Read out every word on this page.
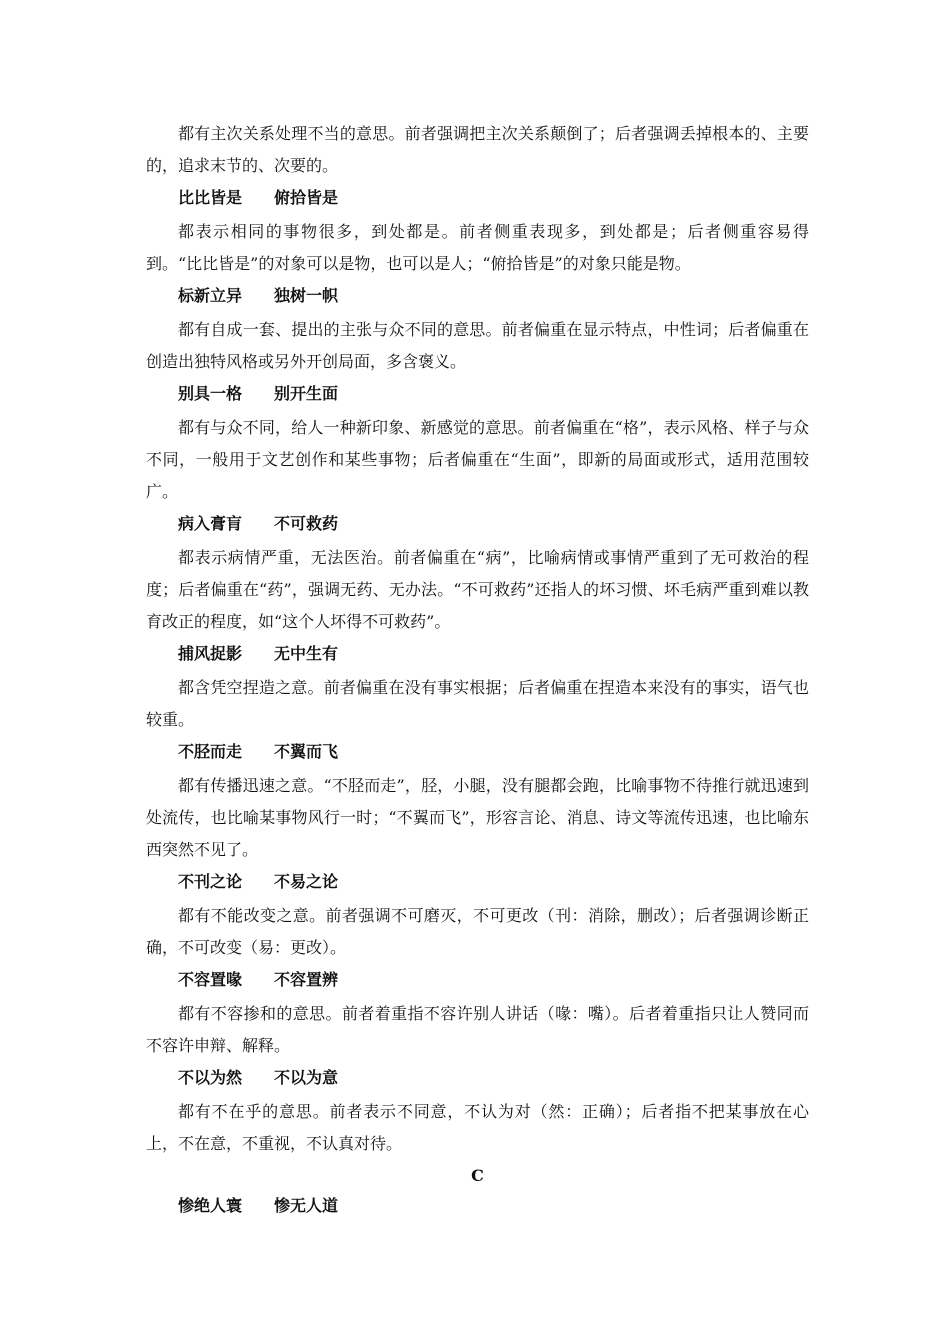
都有主次关系处理不当的意思。前者强调把主次关系颠倒了；后者强调丢掉根本的、主要的，追求末节的、次要的。

比比皆是 俯拾皆是

都表示相同的事物很多，到处都是。前者侧重表现多，到处都是；后者侧重容易得到。“比比皆是”的对象可以是物，也可以是人；“俯拾皆是”的对象只能是物。

标新立异 独树一帜

都有自成一套、提出的主张与众不同的意思。前者偏重在显示特点，中性词；后者偏重在创造出独特风格或另外开创局面，多含褒义。

别具一格 别开生面

都有与众不同，给人一种新印象、新感觉的意思。前者偏重在“格”，表示风格、样子与众不同，一般用于文艺创作和某些事物；后者偏重在“生面”，即新的局面或形式，适用范围较广。

病入膏肓 不可救药

都表示病情严重，无法医治。前者偏重在“病”，比喻病情或事情严重到了无可救治的程度；后者偏重在“药”，强调无药、无办法。“不可救药”还指人的坏习惯、坏毛病严重到难以教育改正的程度，如“这个人坏得不可救药”。

捕风捉影 无中生有

都含凭空捏造之意。前者偏重在没有事实根据；后者偏重在捏造本来没有的事实，语气也较重。

不胫而走 不翼而飞

都有传播迅速之意。“不胫而走”，胫，小腿，没有腿都会跑，比喻事物不待推行就迅速到处流传，也比喻某事物风行一时；“不翼而飞”，形容言论、消息、诗文等流传迅速，也比喻东西突然不见了。

不刊之论 不易之论

都有不能改变之意。前者强调不可磨灭，不可更改（刊：消除，删改）；后者强调诊断正确，不可改变（易：更改）。

不容置喙 不容置辨

都有不容掺和的意思。前者着重指不容许别人讲话（喙：嘴）。后者着重指只让人赞同而不容许申辩、解释。

不以为然 不以为意

都有不在乎的意思。前者表示不同意，不认为对（然：正确）；后者指不把某事放在心上，不在意，不重视，不认真对待。

C
惨绝人寰 惨无人道
